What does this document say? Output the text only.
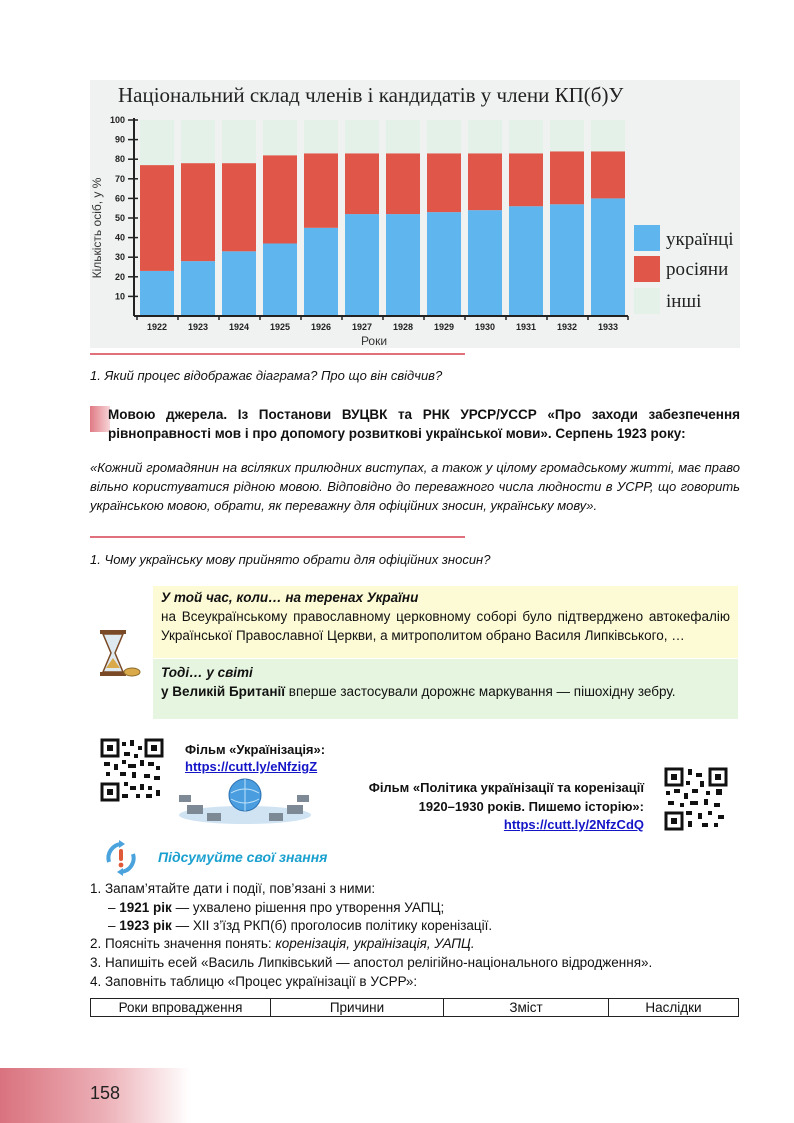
Національний склад членів і кандидатів у члени КП(б)У
1922 1923 1924 1925 1926 1927 1928 1929 1930 1931 1932 1933
10
20
30
40
50
60
70
80
90
100
Кількість осіб, у %
Роки
українці
росіяни
інші
1. Який процес відображає діаграма? Про що він свідчив?
Мовою джерела. Із Постанови ВУЦВК та РНК УРСР/УССР «Про заходи забезпечення рівноправності мов і про допомогу розвиткові української мови». Серпень 1923 року:
«Кожний громадянин на всіляких прилюдних виступах, а також у цілому громадському житті, має право вільно користуватися рідною мовою. Відповідно до переважного числа людности в УСРР, що говорить українською мовою, обрати, як переважну для офіційних зносин, українську мову».
1. Чому українську мову прийнято обрати для офіційних зносин?
У той час, коли… на теренах України
на Всеукраїнському православному церковному соборі було підтверджено автокефалію Української Православної Церкви, а митрополитом обрано Василя Липківського, …
Тоді… у світі
у Великій Британії вперше застосували дорожнє маркування — пішохідну зебру.
Фільм «Українізація»:
https://cutt.ly/eNfzigZ
Фільм «Політика українізації та коренізації
1920–1930 років. Пишемо історію»:
https://cutt.ly/2NfzCdQ
Підсумуйте свої знання
1. Запам’ятайте дати і події, пов’язані з ними:
– 1921 рік — ухвалено рішення про утворення УАПЦ;
– 1923 рік — ХІІ з’їзд РКП(б) проголосив політику коренізації.
2. Поясніть значення понять: коренізація, українізація, УАПЦ.
3. Напишіть есей «Василь Липківський — апостол релігійно-національного відродження».
4. Заповніть таблицю «Процес українізації в УСРР»:
Роки впровадження	Причини	Зміст	Наслідки
158
